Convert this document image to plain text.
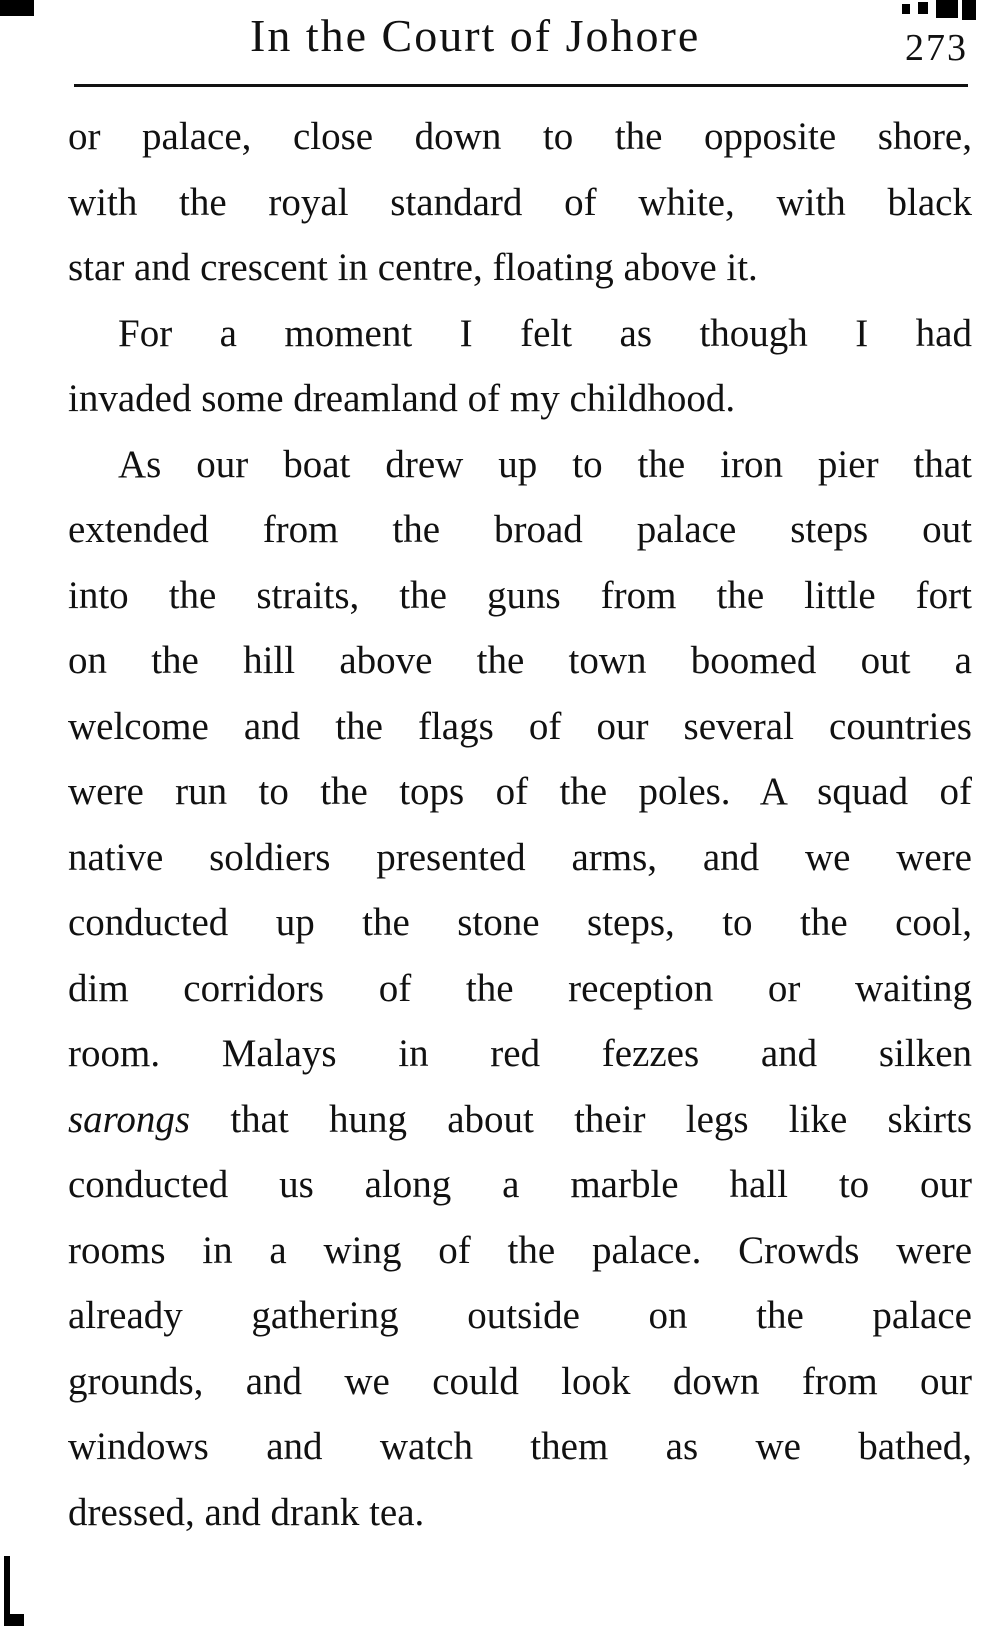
In the Court of Johore	273
or palace, close down to the opposite shore,
with the royal standard of white, with black
star and crescent in centre, floating above it.
For a moment I felt as though I had
invaded some dreamland of my childhood.
As our boat drew up to the iron pier that
extended from the broad palace steps out
into the straits, the guns from the little fort
on the hill above the town boomed out a
welcome and the flags of our several countries
were run to the tops of the poles. A squad of
native soldiers presented arms, and we were
conducted up the stone steps, to the cool,
dim corridors of the reception or waiting
room. Malays in red fezzes and silken
sarongs that hung about their legs like skirts
conducted us along a marble hall to our
rooms in a wing of the palace. Crowds were
already gathering outside on the palace
grounds, and we could look down from our
windows and watch them as we bathed,
dressed, and drank tea.
